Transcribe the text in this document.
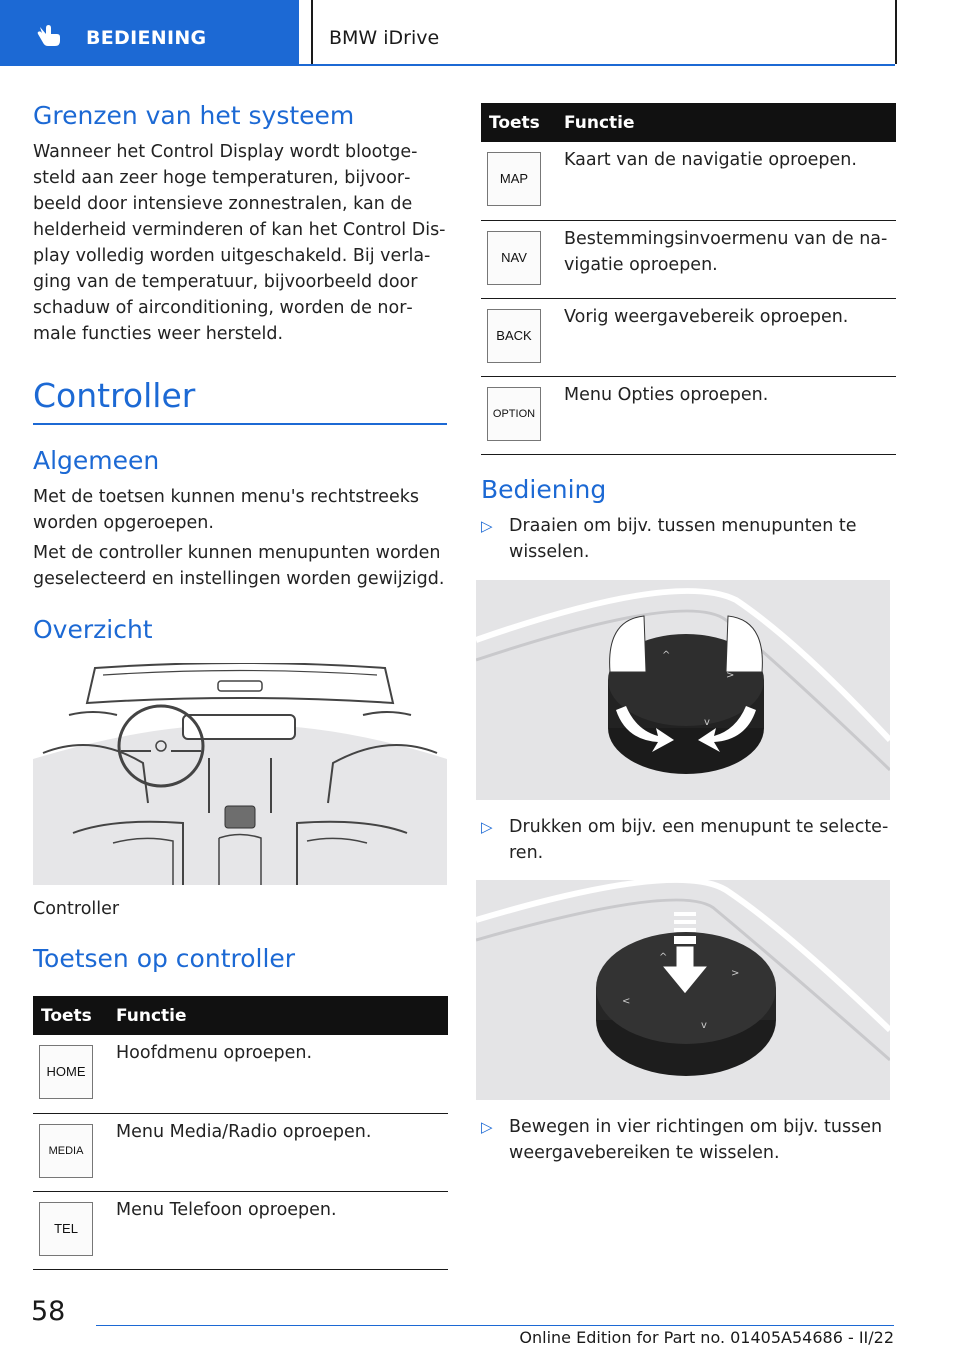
BEDIENING	BMW iDrive
Grenzen van het systeem
Wanneer het Control Display wordt blootge‐
steld aan zeer hoge temperaturen, bijvoor‐
beeld door intensieve zonnestralen, kan de
helderheid verminderen of kan het Control Dis‐
play volledig worden uitgeschakeld. Bij verla‐
ging van de temperatuur, bijvoorbeeld door
schaduw of airconditioning, worden de nor‐
male functies weer hersteld.
Controller
Algemeen
Met de toetsen kunnen menu's rechtstreeks
worden opgeroepen.
Met de controller kunnen menupunten worden
geselecteerd en instellingen worden gewijzigd.
Overzicht
Controller
Toetsen op controller
Toets	Functie

HOME	Hoofdmenu oproepen.

MEDIA	Menu Media/Radio oproepen.

TEL	Menu Telefoon oproepen.
Toets	Functie

MAP	Kaart van de navigatie oproepen.

NAV	Bestemmingsinvoermenu van de na‐
vigatie oproepen.

BACK	Vorig weergavebereik oproepen.

OPTION	Menu Opties oproepen.
Bediening
▷ Draaien om bijv. tussen menupunten te
wisselen.
^
>
v
▷ Drukken om bijv. een menupunt te selecte‐
ren.
^
>
<
v
▷ Bewegen in vier richtingen om bijv. tussen
weergavebereiken te wisselen.
58
Online Edition for Part no. 01405A54686 - II/22
